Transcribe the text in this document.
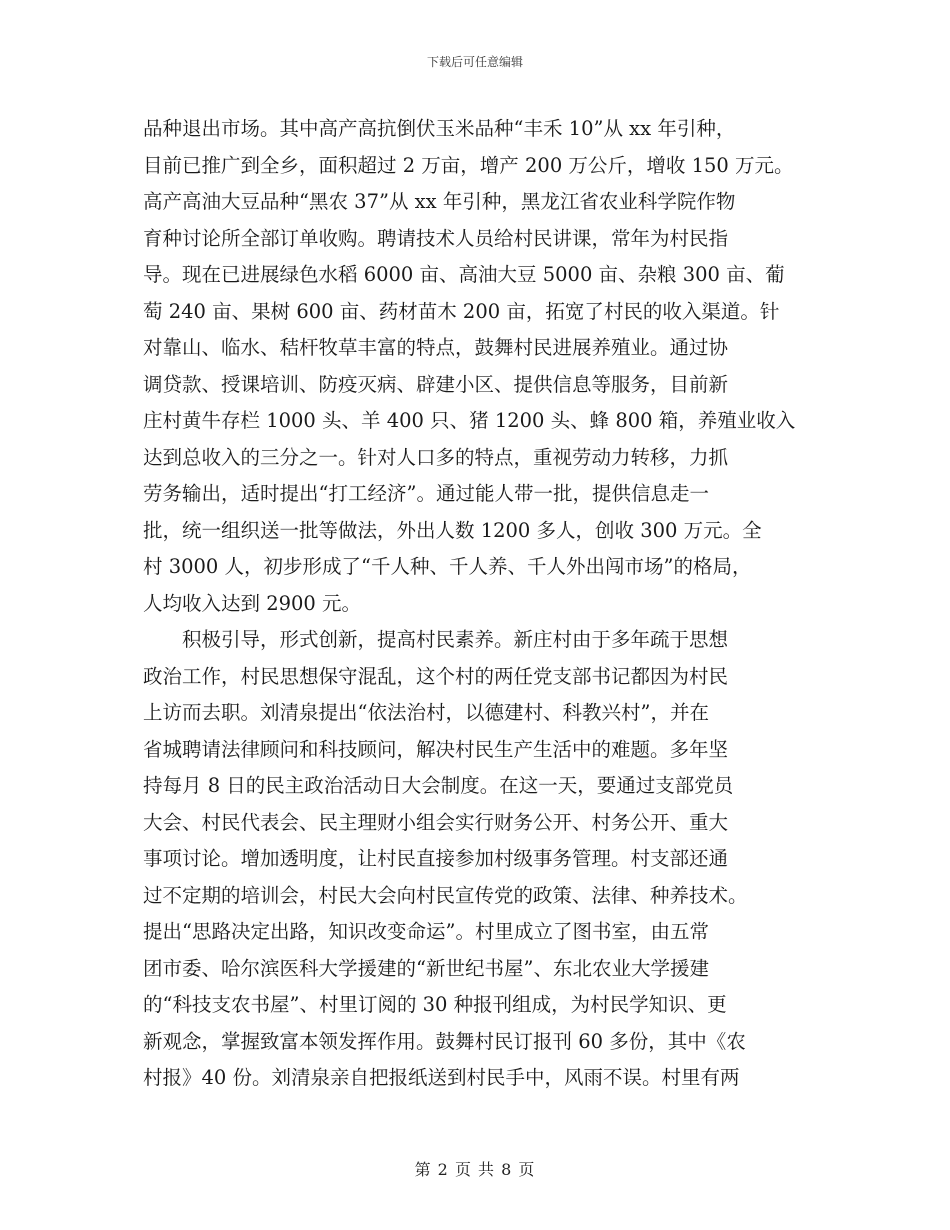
下载后可任意编辑
品种退出市场。其中高产高抗倒伏玉米品种“丰禾 10”从 xx 年引种，
目前已推广到全乡，面积超过 2 万亩，增产 200 万公斤，增收 150 万元。
高产高油大豆品种“黑农 37”从 xx 年引种，黑龙江省农业科学院作物
育种讨论所全部订单收购。聘请技术人员给村民讲课，常年为村民指
导。现在已进展绿色水稻 6000 亩、高油大豆 5000 亩、杂粮 300 亩、葡
萄 240 亩、果树 600 亩、药材苗木 200 亩，拓宽了村民的收入渠道。针
对靠山、临水、秸杆牧草丰富的特点，鼓舞村民进展养殖业。通过协
调贷款、授课培训、防疫灭病、辟建小区、提供信息等服务，目前新
庄村黄牛存栏 1000 头、羊 400 只、猪 1200 头、蜂 800 箱，养殖业收入
达到总收入的三分之一。针对人口多的特点，重视劳动力转移，力抓
劳务输出，适时提出“打工经济”。通过能人带一批，提供信息走一
批，统一组织送一批等做法，外出人数 1200 多人，创收 300 万元。全
村 3000 人，初步形成了“千人种、千人养、千人外出闯市场”的格局，
人均收入达到 2900 元。
积极引导，形式创新，提高村民素养。新庄村由于多年疏于思想
政治工作，村民思想保守混乱，这个村的两任党支部书记都因为村民
上访而去职。刘清泉提出“依法治村，以德建村、科教兴村”，并在
省城聘请法律顾问和科技顾问，解决村民生产生活中的难题。多年坚
持每月 8 日的民主政治活动日大会制度。在这一天，要通过支部党员
大会、村民代表会、民主理财小组会实行财务公开、村务公开、重大
事项讨论。增加透明度，让村民直接参加村级事务管理。村支部还通
过不定期的培训会，村民大会向村民宣传党的政策、法律、种养技术。
提出“思路决定出路，知识改变命运”。村里成立了图书室，由五常
团市委、哈尔滨医科大学援建的“新世纪书屋”、东北农业大学援建
的“科技支农书屋”、村里订阅的 30 种报刊组成，为村民学知识、更
新观念，掌握致富本领发挥作用。鼓舞村民订报刊 60 多份，其中《农
村报》40 份。刘清泉亲自把报纸送到村民手中，风雨不误。村里有两
第 2 页 共 8 页
